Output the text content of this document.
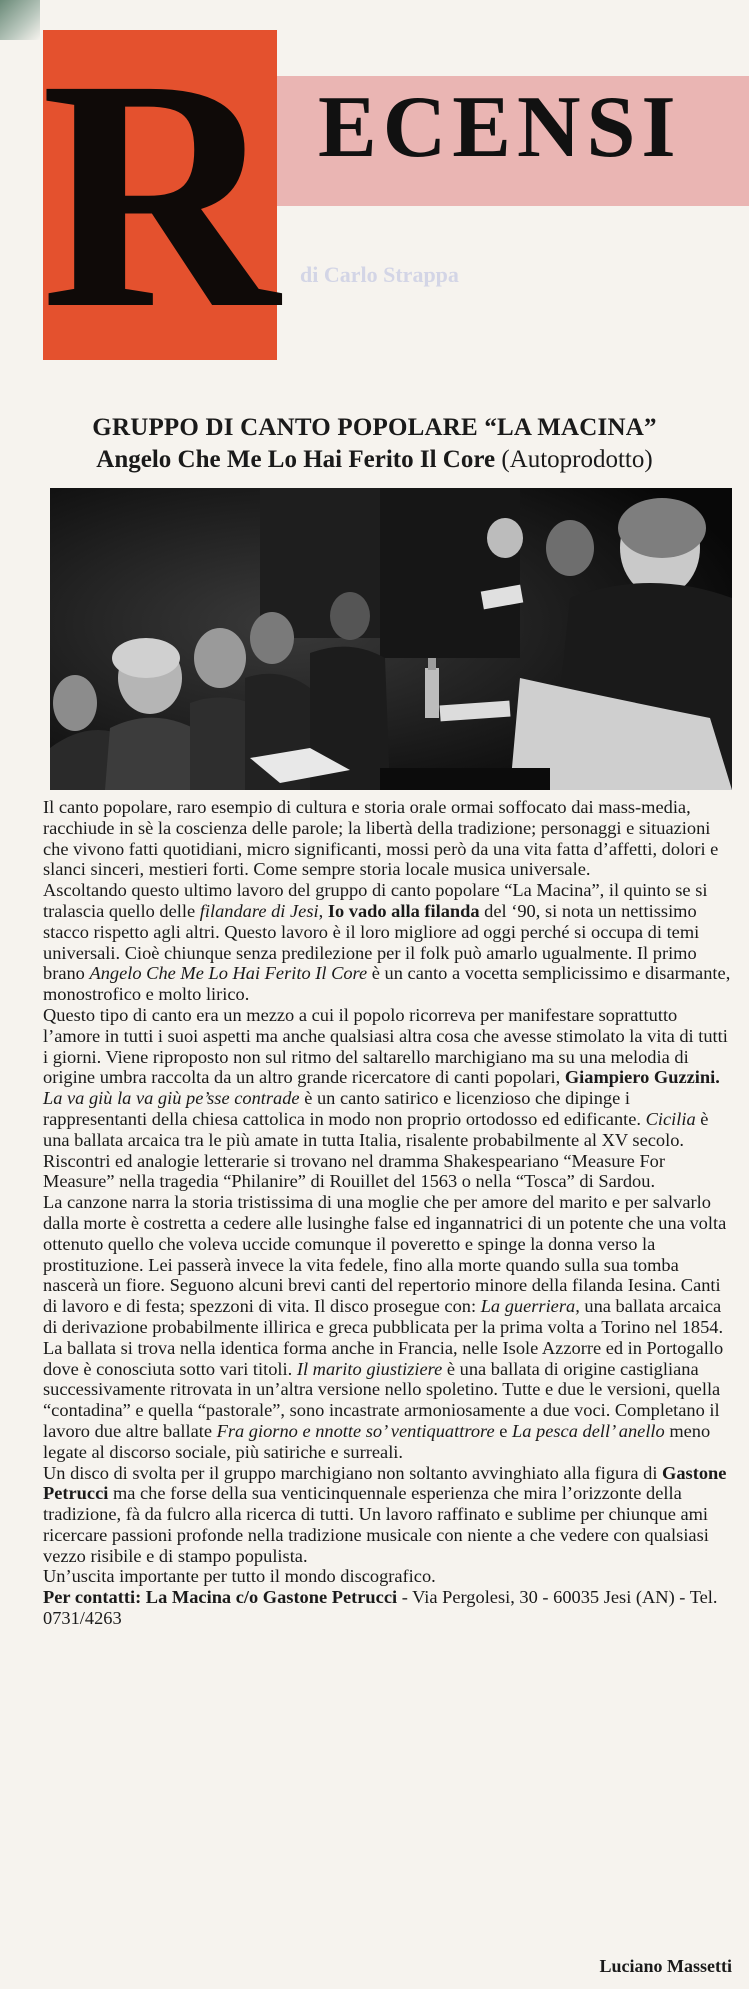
ECENSI
R di Carlo Strappa
GRUPPO DI CANTO POPOLARE “LA MACINA”
Angelo Che Me Lo Hai Ferito Il Core (Autoprodotto)

Il canto popolare, raro esempio di cultura e storia orale ormai soffocato dai mass-media, racchiude in sè la coscienza delle parole; la libertà della tradizione; personaggi e situazioni che vivono fatti quotidiani, micro significanti, mossi però da una vita fatta d’affetti, dolori e slanci sinceri, mestieri forti. Come sempre storia locale musica universale.

Ascoltando questo ultimo lavoro del gruppo di canto popolare “La Macina”, il quinto se si tralascia quello delle filandare di Jesi, Io vado alla filanda del ‘90, si nota un nettissimo stacco rispetto agli altri. Questo lavoro è il loro migliore ad oggi perché si occupa di temi universali. Cioè chiunque senza predilezione per il folk può amarlo ugualmente. Il primo brano Angelo Che Me Lo Hai Ferito Il Core è un canto a vocetta semplicissimo e disarmante, monostrofico e molto lirico.

Questo tipo di canto era un mezzo a cui il popolo ricorreva per manifestare soprattutto l’amore in tutti i suoi aspetti ma anche qualsiasi altra cosa che avesse stimolato la vita di tutti i giorni. Viene riproposto non sul ritmo del saltarello marchigiano ma su una melodia di origine umbra raccolta da un altro grande ricercatore di canti popolari, Giampiero Guzzini.
La va giù la va giù pe’sse contrade è un canto satirico e licenzioso che dipinge i rappresentanti della chiesa cattolica in modo non proprio ortodosso ed edificante. Cicilia è una ballata arcaica tra le più amate in tutta Italia, risalente probabilmente al XV secolo. Riscontri ed analogie letterarie si trovano nel dramma Shakespeariano “Measure For Measure” nella tragedia “Philanire” di Rouillet del 1563 o nella “Tosca” di Sardou.

La canzone narra la storia tristissima di una moglie che per amore del marito e per salvarlo dalla morte è costretta a cedere alle lusinghe false ed ingannatrici di un potente che una volta ottenuto quello che voleva uccide comunque il poveretto e spinge la donna verso la prostituzione. Lei passerà invece la vita fedele, fino alla morte quando sulla sua tomba nascerà un fiore. Seguono alcuni brevi canti del repertorio minore della filanda Iesina. Canti di lavoro e di festa; spezzoni di vita. Il disco prosegue con: La guerriera, una ballata arcaica di derivazione probabilmente illirica e greca pubblicata per la prima volta a Torino nel 1854. La ballata si trova nella identica forma anche in Francia, nelle Isole Azzorre ed in Portogallo dove è conosciuta sotto vari titoli. Il marito giustiziere è una ballata di origine castigliana successivamente ritrovata in un’altra versione nello spoletino. Tutte e due le versioni, quella “contadina” e quella “pastorale”, sono incastrate armoniosamente a due voci. Completano il lavoro due altre ballate Fra giorno e nnotte so’ ventiquattrore e La pesca dell’ anello meno legate al discorso sociale, più satiriche e surreali.

Un disco di svolta per il gruppo marchigiano non soltanto avvinghiato alla figura di Gastone Petrucci ma che forse della sua venticinquennale esperienza che mira l’orizzonte della tradizione, fà da fulcro alla ricerca di tutti. Un lavoro raffinato e sublime per chiunque ami ricercare passioni profonde nella tradizione musicale con niente a che vedere con qualsiasi vezzo risibile e di stampo populista.

Un’uscita importante per tutto il mondo discografico.

Per contatti: La Macina c/o Gastone Petrucci - Via Pergolesi, 30 - 60035 Jesi (AN) - Tel. 0731/4263

Luciano Massetti
